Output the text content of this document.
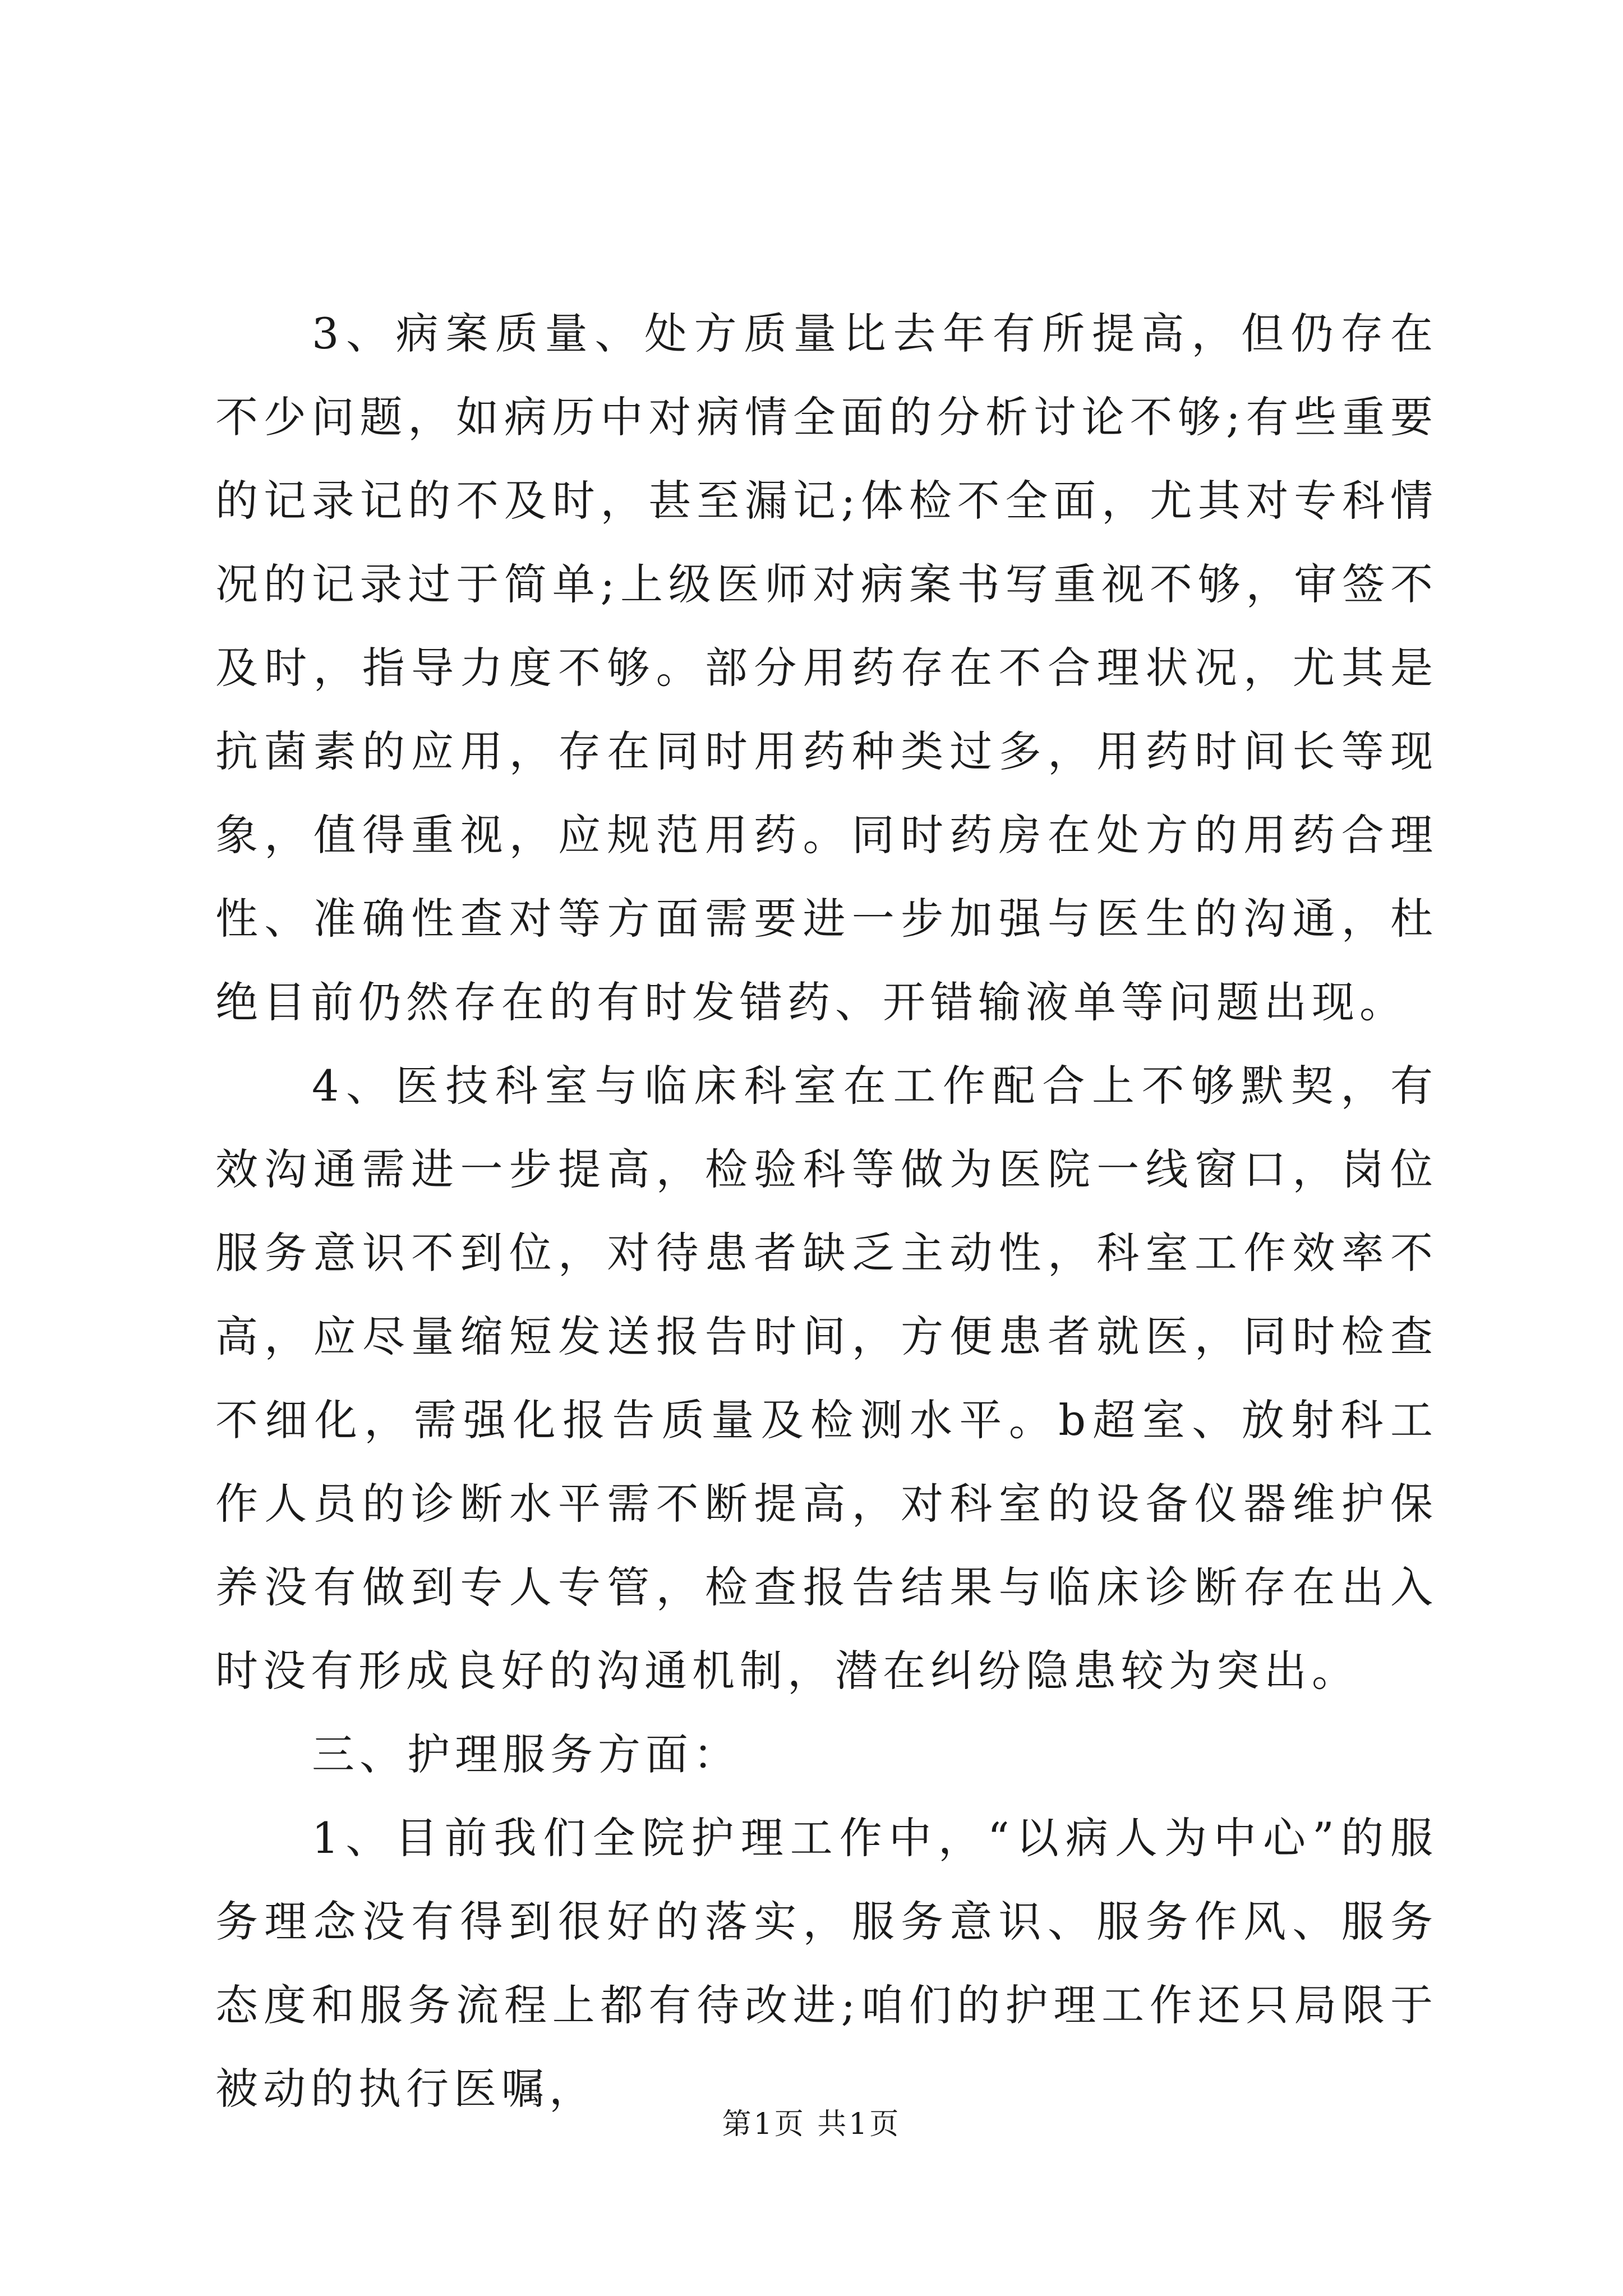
3、病案质量、处方质量比去年有所提高，但仍存在不少问题，如病历中对病情全面的分析讨论不够;有些重要的记录记的不及时，甚至漏记;体检不全面，尤其对专科情况的记录过于简单;上级医师对病案书写重视不够，审签不及时，指导力度不够。部分用药存在不合理状况，尤其是抗菌素的应用，存在同时用药种类过多，用药时间长等现象，值得重视，应规范用药。同时药房在处方的用药合理性、准确性查对等方面需要进一步加强与医生的沟通，杜绝目前仍然存在的有时发错药、开错输液单等问题出现。

4、医技科室与临床科室在工作配合上不够默契，有效沟通需进一步提高，检验科等做为医院一线窗口，岗位服务意识不到位，对待患者缺乏主动性，科室工作效率不高，应尽量缩短发送报告时间，方便患者就医，同时检查不细化，需强化报告质量及检测水平。b超室、放射科工作人员的诊断水平需不断提高，对科室的设备仪器维护保养没有做到专人专管，检查报告结果与临床诊断存在出入时没有形成良好的沟通机制，潜在纠纷隐患较为突出。

三、护理服务方面：

1、目前我们全院护理工作中，“以病人为中心”的服务理念没有得到很好的落实，服务意识、服务作风、服务态度和服务流程上都有待改进;咱们的护理工作还只局限于被动的执行医嘱，

第1页 共1页
